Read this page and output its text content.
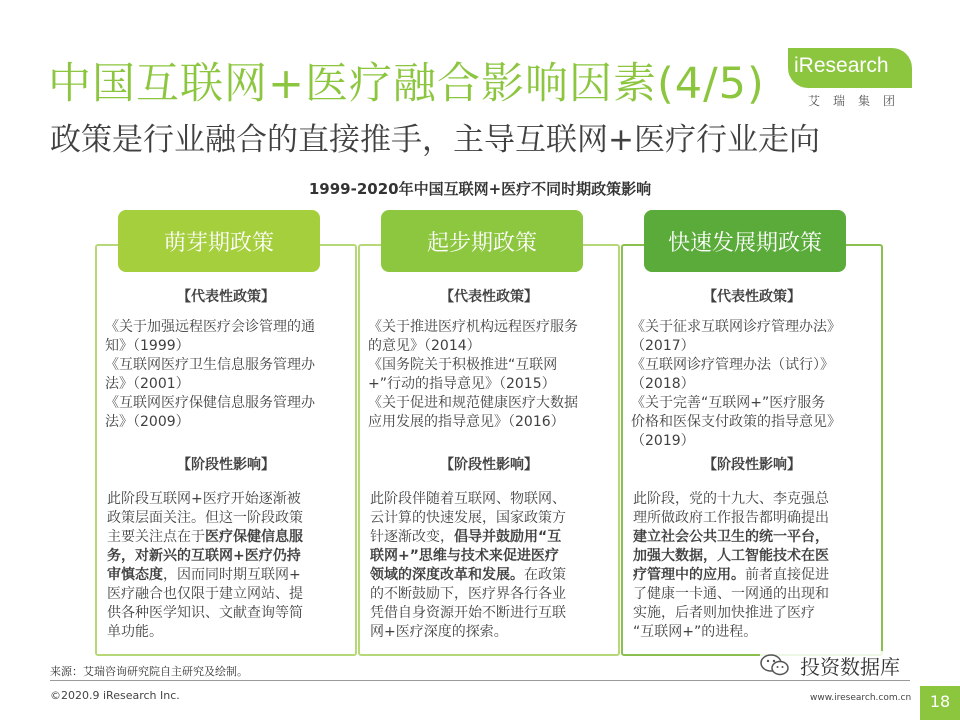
中国互联网+医疗融合影响因素(4/5)
政策是行业融合的直接推手，主导互联网+医疗行业走向
iResearch
艾瑞集团
1999-2020年中国互联网+医疗不同时期政策影响
【代表性政策】
《关于加强远程医疗会诊管理的通
知》（1999）
《互联网医疗卫生信息服务管理办
法》（2001）
《互联网医疗保健信息服务管理办
法》（2009）
【阶段性影响】
此阶段互联网+医疗开始逐渐被
政策层面关注。但这一阶段政策
主要关注点在于医疗保健信息服
务，对新兴的互联网+医疗仍持
审慎态度，因而同时期互联网+
医疗融合也仅限于建立网站、提
供各种医学知识、文献查询等简
单功能。
萌芽期政策
【代表性政策】
《关于推进医疗机构远程医疗服务
的意见》（2014）
《国务院关于积极推进“互联网
+”行动的指导意见》（2015）
《关于促进和规范健康医疗大数据
应用发展的指导意见》（2016）
【阶段性影响】
此阶段伴随着互联网、物联网、
云计算的快速发展，国家政策方
针逐渐改变，倡导并鼓励用“互
联网+”思维与技术来促进医疗
领域的深度改革和发展。在政策
的不断鼓励下，医疗界各行各业
凭借自身资源开始不断进行互联
网+医疗深度的探索。
起步期政策
【代表性政策】
《关于征求互联网诊疗管理办法》
（2017）
《互联网诊疗管理办法（试行）》
（2018）
《关于完善“互联网+”医疗服务
价格和医保支付政策的指导意见》
（2019）
【阶段性影响】
此阶段，党的十九大、李克强总
理所做政府工作报告都明确提出
建立社会公共卫生的统一平台，
加强大数据，人工智能技术在医
疗管理中的应用。前者直接促进
了健康一卡通、一网通的出现和
实施，后者则加快推进了医疗
“互联网+”的进程。
快速发展期政策
来源：艾瑞咨询研究院自主研究及绘制。
©2020.9 iResearch Inc.
投资数据库
www.iresearch.com.cn	18
